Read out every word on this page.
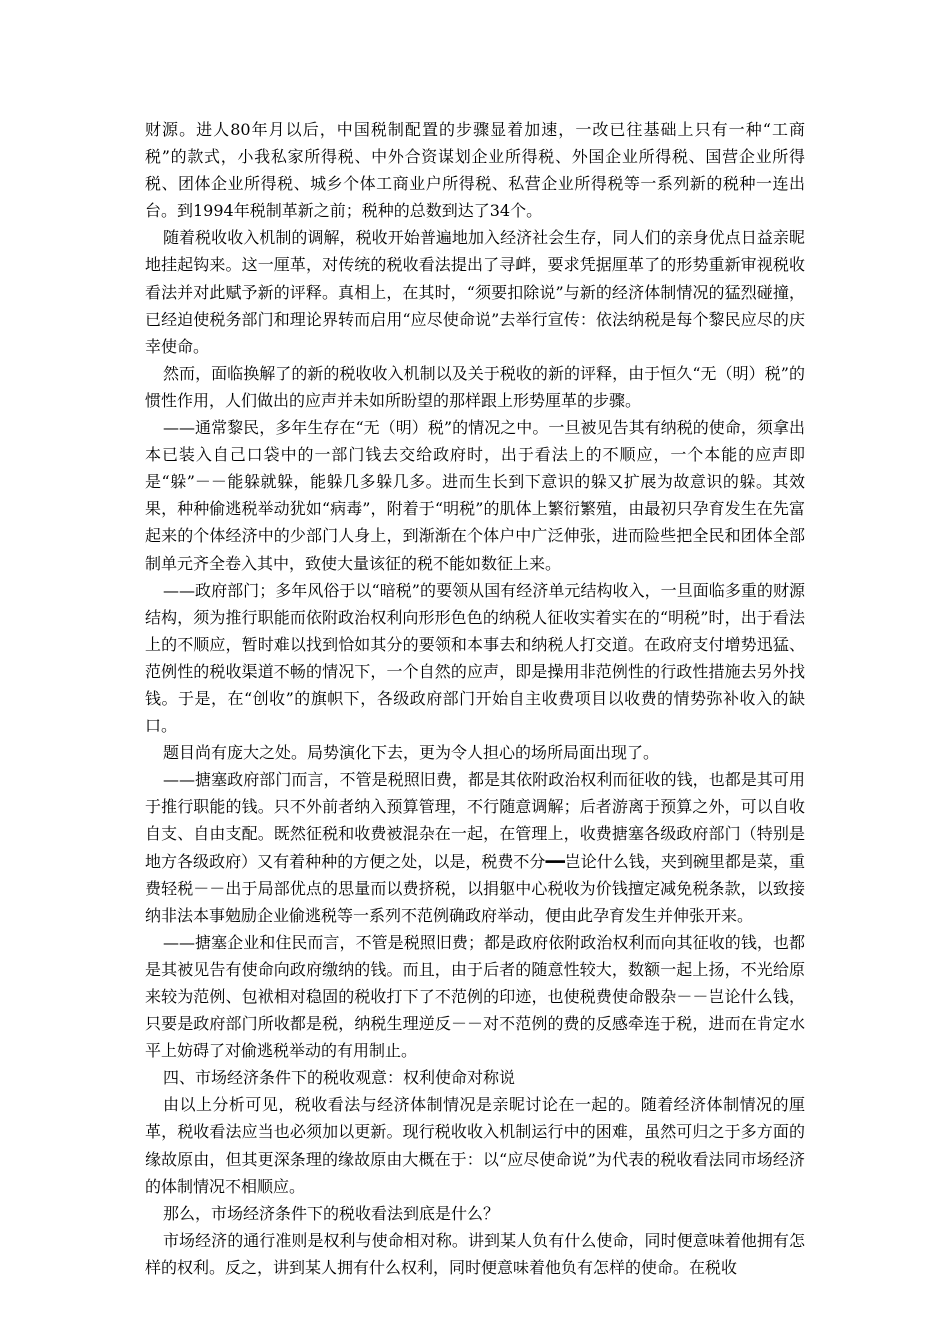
财源。进人80年月以后，中国税制配置的步骤显着加速，一改已往基础上只有一种“工商税”的款式，小我私家所得税、中外合资谋划企业所得税、外国企业所得税、国营企业所得税、团体企业所得税、城乡个体工商业户所得税、私营企业所得税等一系列新的税种一连出台。到1994年税制革新之前；税种的总数到达了34个。

随着税收收入机制的调解，税收开始普遍地加入经济社会生存，同人们的亲身优点日益亲昵地挂起钩来。这一厘革，对传统的税收看法提出了寻衅，要求凭据厘革了的形势重新审视税收看法并对此赋予新的评释。真相上，在其时，“须要扣除说”与新的经济体制情况的猛烈碰撞，已经迫使税务部门和理论界转而启用“应尽使命说”去举行宣传：依法纳税是每个黎民应尽的庆幸使命。

然而，面临换解了的新的税收收入机制以及关于税收的新的评释，由于恒久“无（明）税”的惯性作用，人们做出的应声并未如所盼望的那样跟上形势厘革的步骤。

——通常黎民，多年生存在“无（明）税”的情况之中。一旦被见告其有纳税的使命，须拿出本已装入自己口袋中的一部门钱去交给政府时，出于看法上的不顺应，一个本能的应声即是“躲”－－能躲就躲，能躲几多躲几多。进而生长到下意识的躲又扩展为故意识的躲。其效果，种种偷逃税举动犹如“病毒”，附着于“明税”的肌体上繁衍繁殖，由最初只孕育发生在先富起来的个体经济中的少部门人身上，到渐渐在个体户中广泛伸张，进而险些把全民和团体全部制单元齐全卷入其中，致使大量该征的税不能如数征上来。

——政府部门；多年风俗于以“暗税”的要领从国有经济单元结构收入，一旦面临多重的财源结构，须为推行职能而依附政治权利向形形色色的纳税人征收实着实在的“明税”时，出于看法上的不顺应，暂时难以找到恰如其分的要领和本事去和纳税人打交道。在政府支付增势迅猛、范例性的税收渠道不畅的情况下，一个自然的应声，即是操用非范例性的行政性措施去另外找钱。于是，在“创收”的旗帜下，各级政府部门开始自主收费项目以收费的情势弥补收入的缺口。

题目尚有庞大之处。局势演化下去，更为令人担心的场所局面出现了。

——搪塞政府部门而言，不管是税照旧费，都是其依附政治权利而征收的钱，也都是其可用于推行职能的钱。只不外前者纳入预算管理，不行随意调解；后者游离于预算之外，可以自收自支、自由支配。既然征税和收费被混杂在一起，在管理上，收费搪塞各级政府部门（特别是地方各级政府）又有着种种的方便之处，以是，税费不分━━岂论什么钱，夹到碗里都是菜，重费轻税－－出于局部优点的思量而以费挤税，以捐躯中心税收为价钱擅定减免税条款，以致接纳非法本事勉励企业偷逃税等一系列不范例确政府举动，便由此孕育发生并伸张开来。

——搪塞企业和住民而言，不管是税照旧费；都是政府依附政治权利而向其征收的钱，也都是其被见告有使命向政府缴纳的钱。而且，由于后者的随意性较大，数额一起上扬，不光给原来较为范例、包袱相对稳固的税收打下了不范例的印迹，也使税费使命骰杂－－岂论什么钱，只要是政府部门所收都是税，纳税生理逆反－－对不范例的费的反感牵连于税，进而在肯定水平上妨碍了对偷逃税举动的有用制止。

四、市场经济条件下的税收观意：权利使命对称说

由以上分析可见，税收看法与经济体制情况是亲昵讨论在一起的。随着经济体制情况的厘革，税收看法应当也必须加以更新。现行税收收入机制运行中的困难，虽然可归之于多方面的缘故原由，但其更深条理的缘故原由大概在于：以“应尽使命说”为代表的税收看法同市场经济的体制情况不相顺应。

那么，市场经济条件下的税收看法到底是什么？

市场经济的通行准则是权利与使命相对称。讲到某人负有什么使命，同时便意味着他拥有怎样的权利。反之，讲到某人拥有什么权利，同时便意味着他负有怎样的使命。在税收
